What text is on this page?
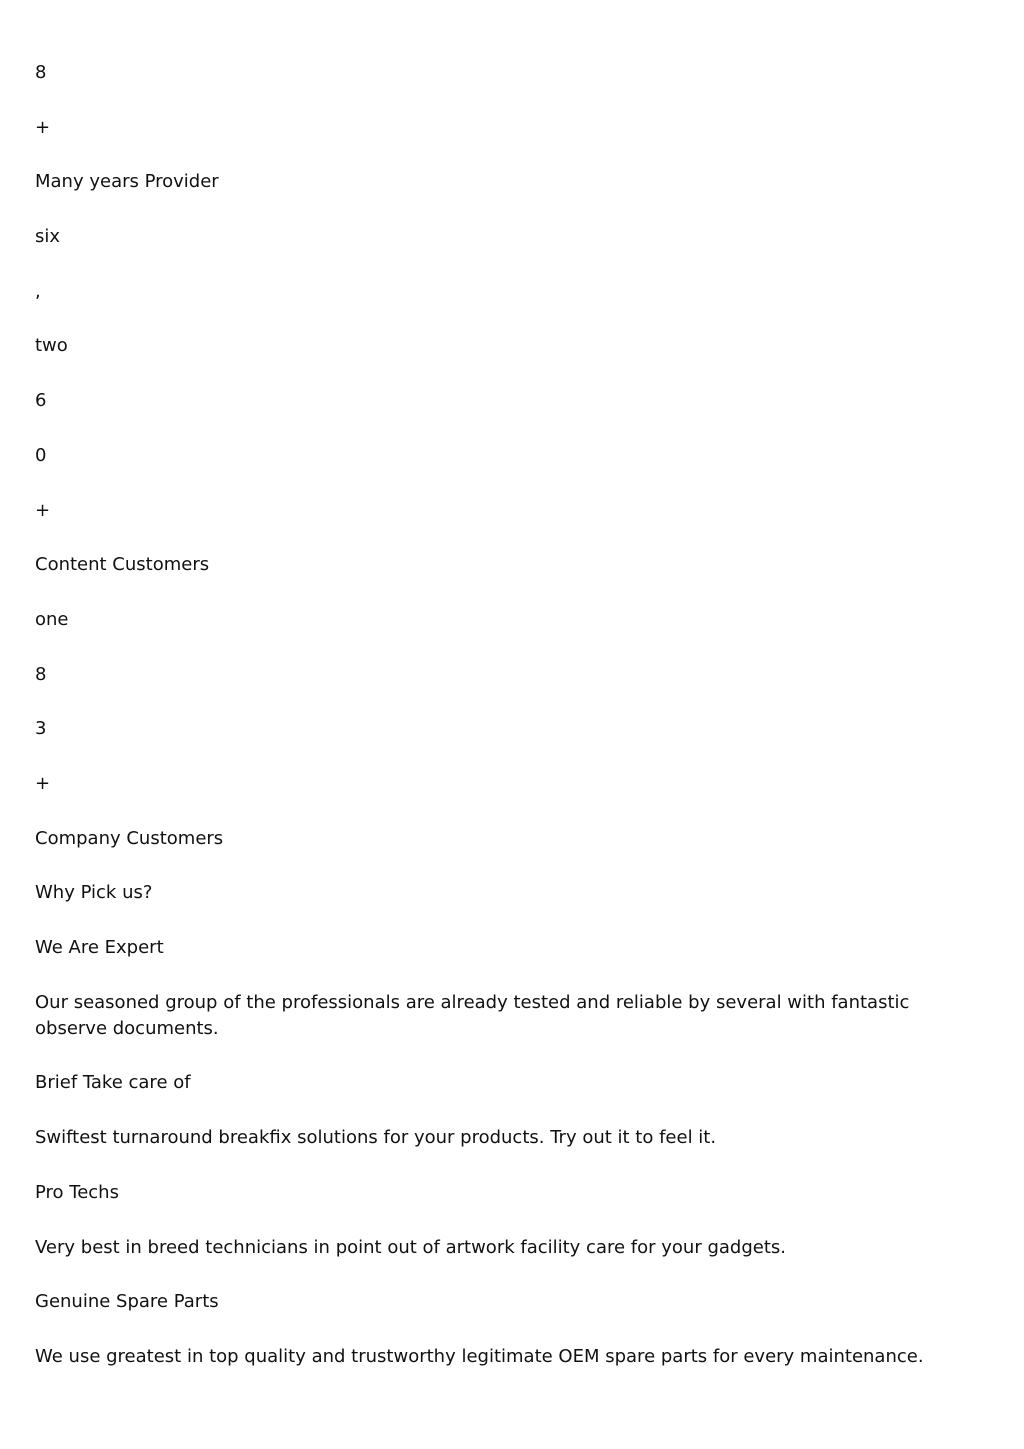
8

+

Many years Provider

six

,

two

6

0

+

Content Customers

one

8

3

+

Company Customers

Why Pick us?

We Are Expert

Our seasoned group of the professionals are already tested and reliable by several with fantastic observe documents.

Brief Take care of

Swiftest turnaround breakfix solutions for your products. Try out it to feel it.

Pro Techs

Very best in breed technicians in point out of artwork facility care for your gadgets.

Genuine Spare Parts

We use greatest in top quality and trustworthy legitimate OEM spare parts for every maintenance.
